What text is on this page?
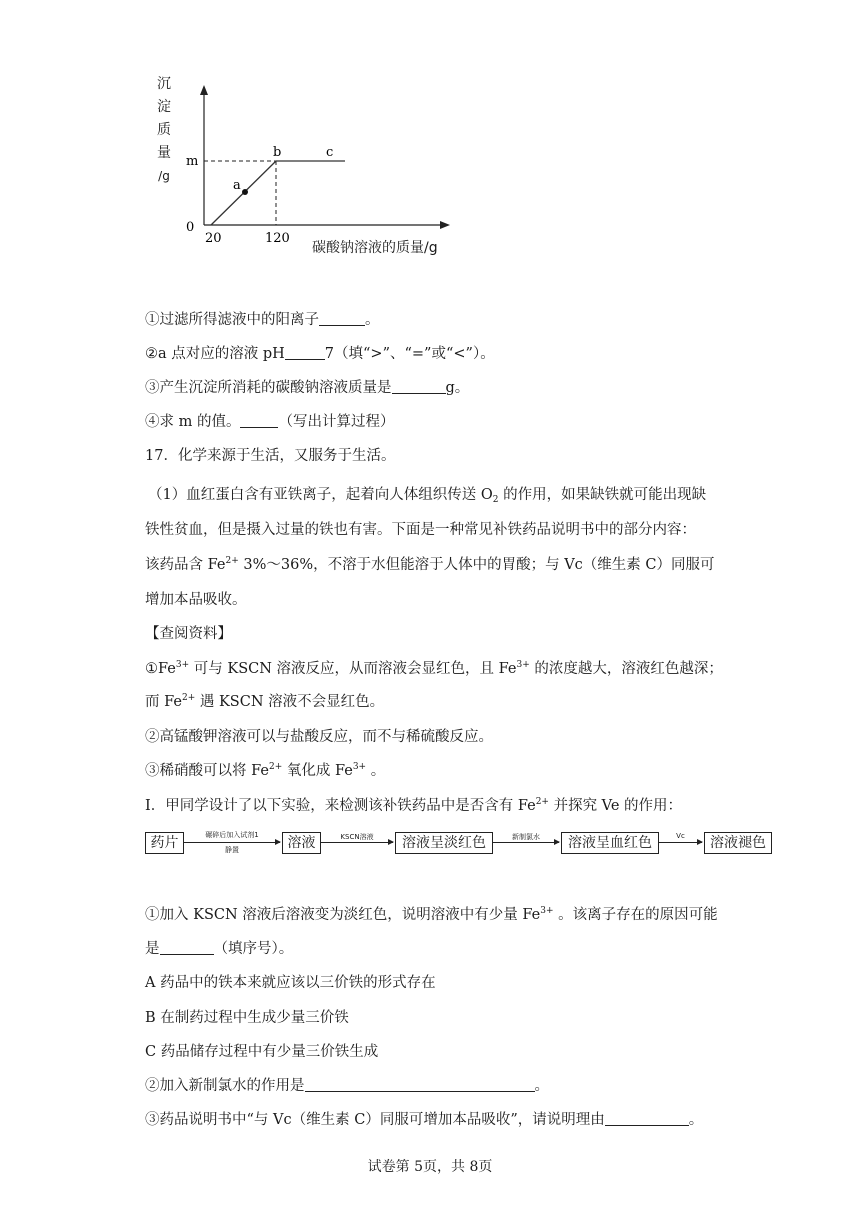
沉
淀
质
量
/g
a
b	c
m
0
20	120
碳酸钠溶液的质量/g
①过滤所得滤液中的阳离子	。
②a 点对应的溶液 pH	7（填“>”、“=”或“<”）。
③产生沉淀所消耗的碳酸钠溶液质量是	g。
④求 m 的值。	（写出计算过程）
17．化学来源于生活，又服务于生活。
（1）血红蛋白含有亚铁离子，起着向人体组织传送 $O_2$ 的作用，如果缺铁就可能出现缺
铁性贫血，但是摄入过量的铁也有害。下面是一种常见补铁药品说明书中的部分内容：
该药品含 $Fe^{2+}$ 3%～36%，不溶于水但能溶于人体中的胃酸；与 Vc（维生素 C）同服可
增加本品吸收。
【查阅资料】
$①Fe^{3+}$ 可与 KSCN 溶液反应，从而溶液会显红色，且 $Fe^{3+}$ 的浓度越大，溶液红色越深；
而 $Fe^{2+}$ 遇 KSCN 溶液不会显红色。
②高锰酸钾溶液可以与盐酸反应，而不与稀硫酸反应。
③稀硝酸可以将 $Fe^{2+}$ 氧化成 $Fe^{3+}$ 。
I．甲同学设计了以下实验，来检测该补铁药品中是否含有 $Fe^{2+}$ 并探究 Ve 的作用：
药片	碾碎后加入试剂1
静置	溶液	KSCN溶液	溶液呈淡红色	新制氯水	溶液呈血红色	Vc	溶液褪色
①加入 KSCN 溶液后溶液变为淡红色，说明溶液中有少量 $Fe^{3+}$ 。该离子存在的原因可能
是	（填序号）。
A 药品中的铁本来就应该以三价铁的形式存在
B 在制药过程中生成少量三价铁
C 药品储存过程中有少量三价铁生成
②加入新制氯水的作用是	。
③药品说明书中“与 Vc（维生素 C）同服可增加本品吸收”，请说明理由	。
试卷第 5页，共 8页
